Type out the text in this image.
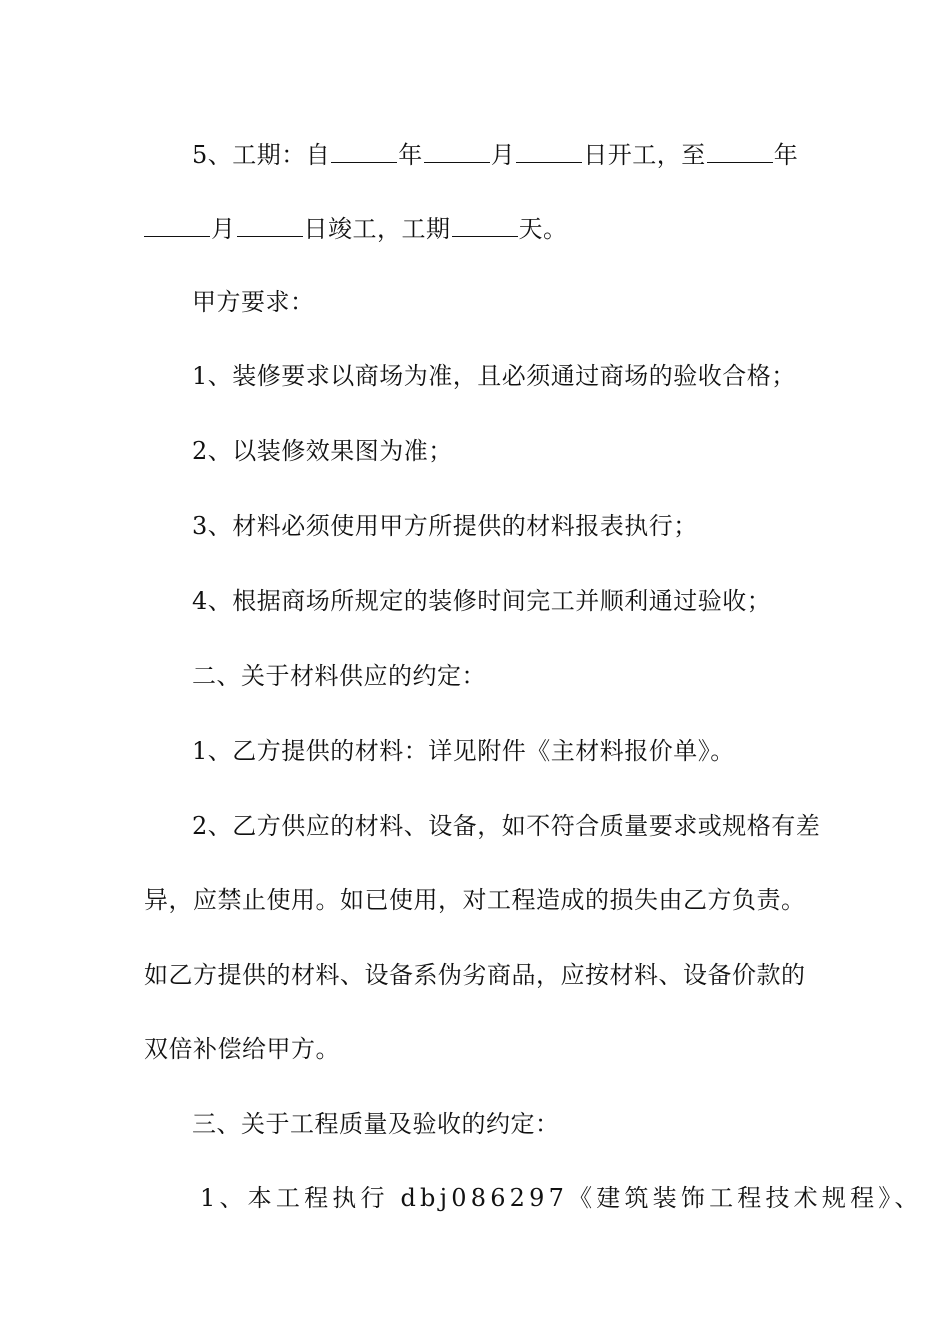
5、工期：自	年	月	日开工，至	年
月	日竣工，工期	天。
甲方要求：
1、装修要求以商场为准，且必须通过商场的验收合格；
2、以装修效果图为准；
3、材料必须使用甲方所提供的材料报表执行；
4、根据商场所规定的装修时间完工并顺利通过验收；
二、关于材料供应的约定：
1、乙方提供的材料：详见附件《主材料报价单》。
2、乙方供应的材料、设备，如不符合质量要求或规格有差
异，应禁止使用。如已使用，对工程造成的损失由乙方负责。
如乙方提供的材料、设备系伪劣商品，应按材料、设备价款的
双倍补偿给甲方。
三、关于工程质量及验收的约定：
1、本工程执行 dbj086297《建筑装饰工程技术规程》、
